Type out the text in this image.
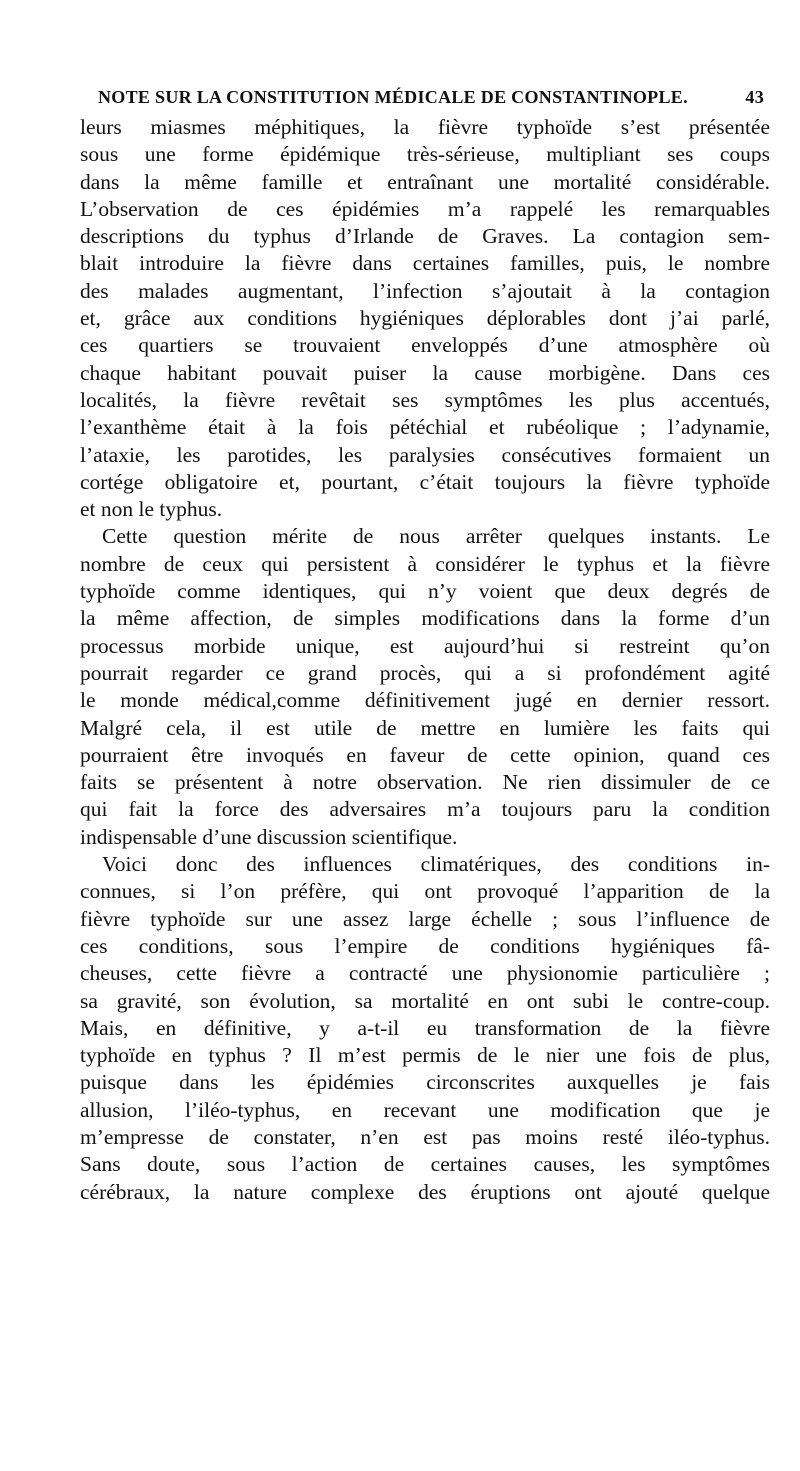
NOTE SUR LA CONSTITUTION MÉDICALE DE CONSTANTINOPLE.	43
leurs miasmes méphitiques, la fièvre typhoïde s’est présentée
sous une forme épidémique très-sérieuse, multipliant ses coups
dans la même famille et entraînant une mortalité considérable.
L’observation de ces épidémies m’a rappelé les remarquables
descriptions du typhus d’Irlande de Graves. La contagion sem-
blait introduire la fièvre dans certaines familles, puis, le nombre
des malades augmentant, l’infection s’ajoutait à la contagion
et, grâce aux conditions hygiéniques déplorables dont j’ai parlé,
ces quartiers se trouvaient enveloppés d’une atmosphère où
chaque habitant pouvait puiser la cause morbigène. Dans ces
localités, la fièvre revêtait ses symptômes les plus accentués,
l’exanthème était à la fois pétéchial et rubéolique ; l’adynamie,
l’ataxie, les parotides, les paralysies consécutives formaient un
cortége obligatoire et, pourtant, c’était toujours la fièvre typhoïde
et non le typhus.
Cette question mérite de nous arrêter quelques instants. Le
nombre de ceux qui persistent à considérer le typhus et la fièvre
typhoïde comme identiques, qui n’y voient que deux degrés de
la même affection, de simples modifications dans la forme d’un
processus morbide unique, est aujourd’hui si restreint qu’on
pourrait regarder ce grand procès, qui a si profondément agité
le monde médical,comme définitivement jugé en dernier ressort.
Malgré cela, il est utile de mettre en lumière les faits qui
pourraient être invoqués en faveur de cette opinion, quand ces
faits se présentent à notre observation. Ne rien dissimuler de ce
qui fait la force des adversaires m’a toujours paru la condition
indispensable d’une discussion scientifique.
Voici donc des influences climatériques, des conditions in-
connues, si l’on préfère, qui ont provoqué l’apparition de la
fièvre typhoïde sur une assez large échelle ; sous l’influence de
ces conditions, sous l’empire de conditions hygiéniques fâ-
cheuses, cette fièvre a contracté une physionomie particulière ;
sa gravité, son évolution, sa mortalité en ont subi le contre-coup.
Mais, en définitive, y a-t-il eu transformation de la fièvre
typhoïde en typhus ? Il m’est permis de le nier une fois de plus,
puisque dans les épidémies circonscrites auxquelles je fais
allusion, l’iléo-typhus, en recevant une modification que je
m’empresse de constater, n’en est pas moins resté iléo-typhus.
Sans doute, sous l’action de certaines causes, les symptômes
cérébraux, la nature complexe des éruptions ont ajouté quelque
